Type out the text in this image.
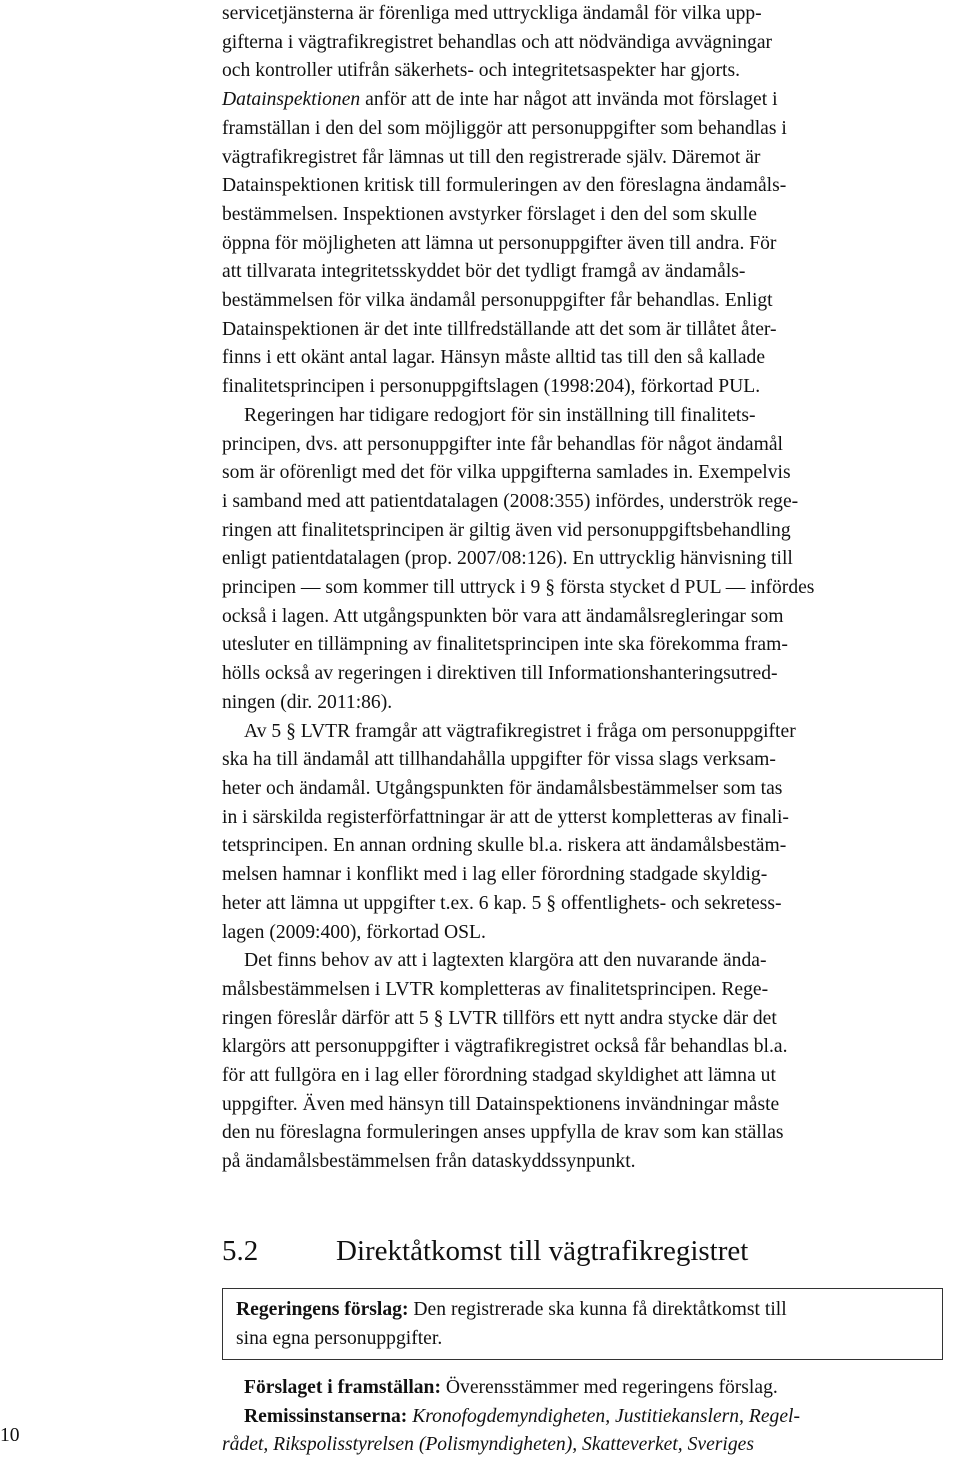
servicetjänsterna är förenliga med uttryckliga ändamål för vilka upp-
gifterna i vägtrafikregistret behandlas och att nödvändiga avvägningar
och kontroller utifrån säkerhets- och integritetsaspekter har gjorts.
Datainspektionen anför att de inte har något att invända mot förslaget i
framställan i den del som möjliggör att personuppgifter som behandlas i
vägtrafikregistret får lämnas ut till den registrerade själv. Däremot är
Datainspektionen kritisk till formuleringen av den föreslagna ändamåls-
bestämmelsen. Inspektionen avstyrker förslaget i den del som skulle
öppna för möjligheten att lämna ut personuppgifter även till andra. För
att tillvarata integritetsskyddet bör det tydligt framgå av ändamåls-
bestämmelsen för vilka ändamål personuppgifter får behandlas. Enligt
Datainspektionen är det inte tillfredställande att det som är tillåtet åter-
finns i ett okänt antal lagar. Hänsyn måste alltid tas till den så kallade
finalitetsprincipen i personuppgiftslagen (1998:204), förkortad PUL.
Regeringen har tidigare redogjort för sin inställning till finalitets-
principen, dvs. att personuppgifter inte får behandlas för något ändamål
som är oförenligt med det för vilka uppgifterna samlades in. Exempelvis
i samband med att patientdatalagen (2008:355) infördes, underströk rege-
ringen att finalitetsprincipen är giltig även vid personuppgiftsbehandling
enligt patientdatalagen (prop. 2007/08:126). En uttrycklig hänvisning till
principen — som kommer till uttryck i 9 § första stycket d PUL — infördes
också i lagen. Att utgångspunkten bör vara att ändamålsregleringar som
utesluter en tillämpning av finalitetsprincipen inte ska förekomma fram-
hölls också av regeringen i direktiven till Informationshanteringsutred-
ningen (dir. 2011:86).
Av 5 § LVTR framgår att vägtrafikregistret i fråga om personuppgifter
ska ha till ändamål att tillhandahålla uppgifter för vissa slags verksam-
heter och ändamål. Utgångspunkten för ändamålsbestämmelser som tas
in i särskilda registerförfattningar är att de ytterst kompletteras av finali-
tetsprincipen. En annan ordning skulle bl.a. riskera att ändamålsbestäm-
melsen hamnar i konflikt med i lag eller förordning stadgade skyldig-
heter att lämna ut uppgifter t.ex. 6 kap. 5 § offentlighets- och sekretess-
lagen (2009:400), förkortad OSL.
Det finns behov av att i lagtexten klargöra att den nuvarande ända-
målsbestämmelsen i LVTR kompletteras av finalitetsprincipen. Rege-
ringen föreslår därför att 5 § LVTR tillförs ett nytt andra stycke där det
klargörs att personuppgifter i vägtrafikregistret också får behandlas bl.a.
för att fullgöra en i lag eller förordning stadgad skyldighet att lämna ut
uppgifter. Även med hänsyn till Datainspektionens invändningar måste
den nu föreslagna formuleringen anses uppfylla de krav som kan ställas
på ändamålsbestämmelsen från dataskyddssynpunkt.
5.2	Direktåtkomst till vägtrafikregistret
Regeringens förslag: Den registrerade ska kunna få direktåtkomst till
sina egna personuppgifter.
Förslaget i framställan: Överensstämmer med regeringens förslag.
Remissinstanserna: Kronofogdemyndigheten, Justitiekanslern, Regel-
rådet, Rikspolisstyrelsen (Polismyndigheten), Skatteverket, Sveriges
10
